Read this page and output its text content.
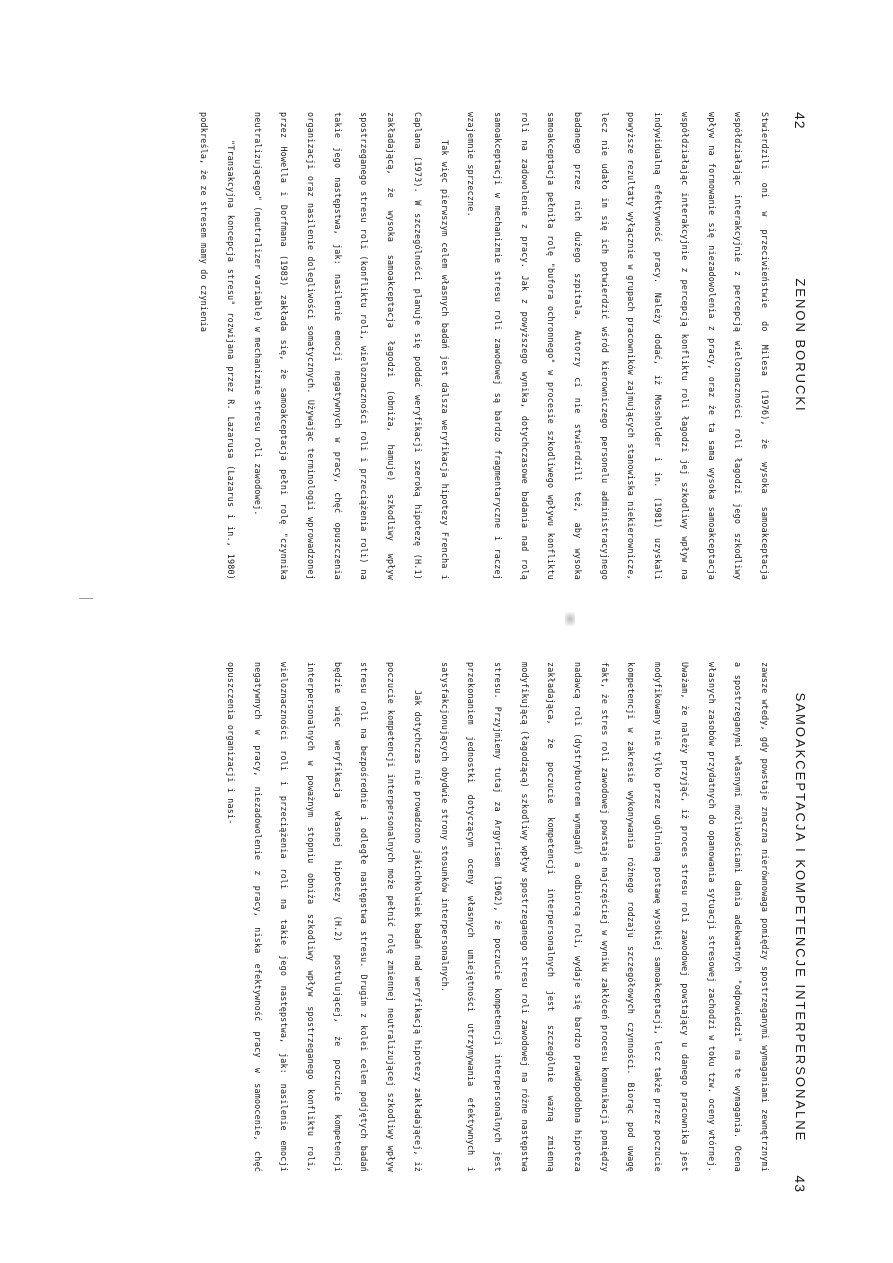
42
ZENON BORUCKI

Stwierdzili oni w przeciwieństwie do Milesa (1976), że wysoka samoakceptacja współdziałając interakcyjnie z percepcją wieloznaczności roli łagodzi jego szkodliwy wpływ na formowanie się niezadowolenia z pracy, oraz że ta sama wysoka samoakceptacja współdziałając interakcyjnie z percepcją konfliktu roli łagodzi jej szkodliwy wpływ na indywidualną efektywność pracy. Należy dodać, iż Mossholder i in. (1981) uzyskali powyższe rezultaty wyłącznie w grupach pracowników zajmujących stanowiska niekierownicze, lecz nie udało im się ich potwierdzić wśród kierowniczego personelu administracyjnego badanego przez nich dużego szpitala. Autorzy ci nie stwierdzili też, aby wysoka samoakceptacja pełniła rolę "bufora ochronnego" w procesie szkodliwego wpływu konfliktu roli na zadowolenie z pracy. Jak z powyższego wynika, dotychczasowe badania nad rolą samoakceptacji w mechanizmie stresu roli zawodowej są bardzo fragmentaryczne i raczej wzajemnie sprzeczne.

Tak więc pierwszym celem własnych badań jest dalsza weryfikacja hipotezy Frencha i Caplana (1973). W szczególności planuje się poddać weryfikacji szeroką hipotezę (H.1) zakładającą, że wysoka samoakceptacja łagodzi (obniża, hamuje) szkodliwy wpływ spostrzeganego stresu roli (konfliktu roli, wieloznaczności roli i przeciążenia roli) na takie jego następstwa, jak: nasilenie emocji negatywnych w pracy, chęć opuszczenia organizacji oraz nasilenie dolegliwości somatycznych. Używając terminologii wprowadzonej przez Howella i Dorfmana (1983) zakłada się, że samoakceptacja pełni rolę "czynnika neutralizującego" (neutralizer variable) w mechanizmie stresu roli zawodowej.

"Transakcyjna koncepcja stresu" rozwijana przez R. Lazarusa (Lazarus i in., 1980) podkreśla, że ze stresem mamy do czynienia

SAMOAKCEPTACJA I KOMPETENCJE INTERPERSONALNE
43

zawsze wtedy, gdy powstaje znaczna nierównowaga pomiędzy spostrzeganymi wymaganiami zewnętrznymi a spostrzeganymi własnymi możliwościami dania adekwatnych "odpowiedzi" na te wymagania. Ocena własnych zasobów przydatnych do opanowania sytuacji stresowej zachodzi w toku tzw. oceny wtórnej. Uważam, że należy przyjąć, iż proces stresu roli zawodowej powstający u danego pracownika jest modyfikowany nie tylko przez ugólnioną postawę wysokiej samoakceptacji, lecz także przez poczucie kompetencji w zakresie wykonywania różnego rodzaju szczegółowych czynności. Biorąc pod uwagę fakt, że stres roli zawodowej powstaje najczęściej w wyniku zakłóceń procesu komunikacji pomiędzy nadawcą roli (dystrybutorem wymagań) a odbiorcą roli, wydaje się bardzo prawdopodobna hipoteza zakładająca, że poczucie kompetencji interpersonalnych jest szczególnie ważną zmienną modyfikującą (łagodzącą) szkodliwy wpływ spostrzeganego stresu roli zawodowej na różne następstwa stresu. Przyjmiemy tutaj za Argyrisem (1962), że poczucie kompetencji interpersonalnych jest przekonaniem jednostki dotyczącym oceny własnych umiejętności utrzymywania efektywnych i satysfakcjonujących obydwie strony stosunków interpersonalnych.

Jak dotychczas nie prowadzono jakichkolwiek badań nad weryfikacją hipotezy zakładającej, iż poczucie kompetencji interpersonalnych może pełnić rolę zmiennej neutralizującej szkodliwy wpływ stresu roli na bezpośrednie i odległe następstwa stresu. Drugim z kolei celem podjętych badań będzie więc weryfikacja własnej hipotezy (H.2) postulującej, że poczucie kompetencji interpersonalnych w poważnym stopniu obniża szkodliwy wpływ spostrzeganego konfliktu roli, wieloznaczności roli i przeciążenia roli na takie jego następstwa, jak: nasilenie emocji negatywnych w pracy, niezadowolenie z pracy, niska efektywność pracy w samoocenie, chęć opuszczenia organizacji i nasi-
